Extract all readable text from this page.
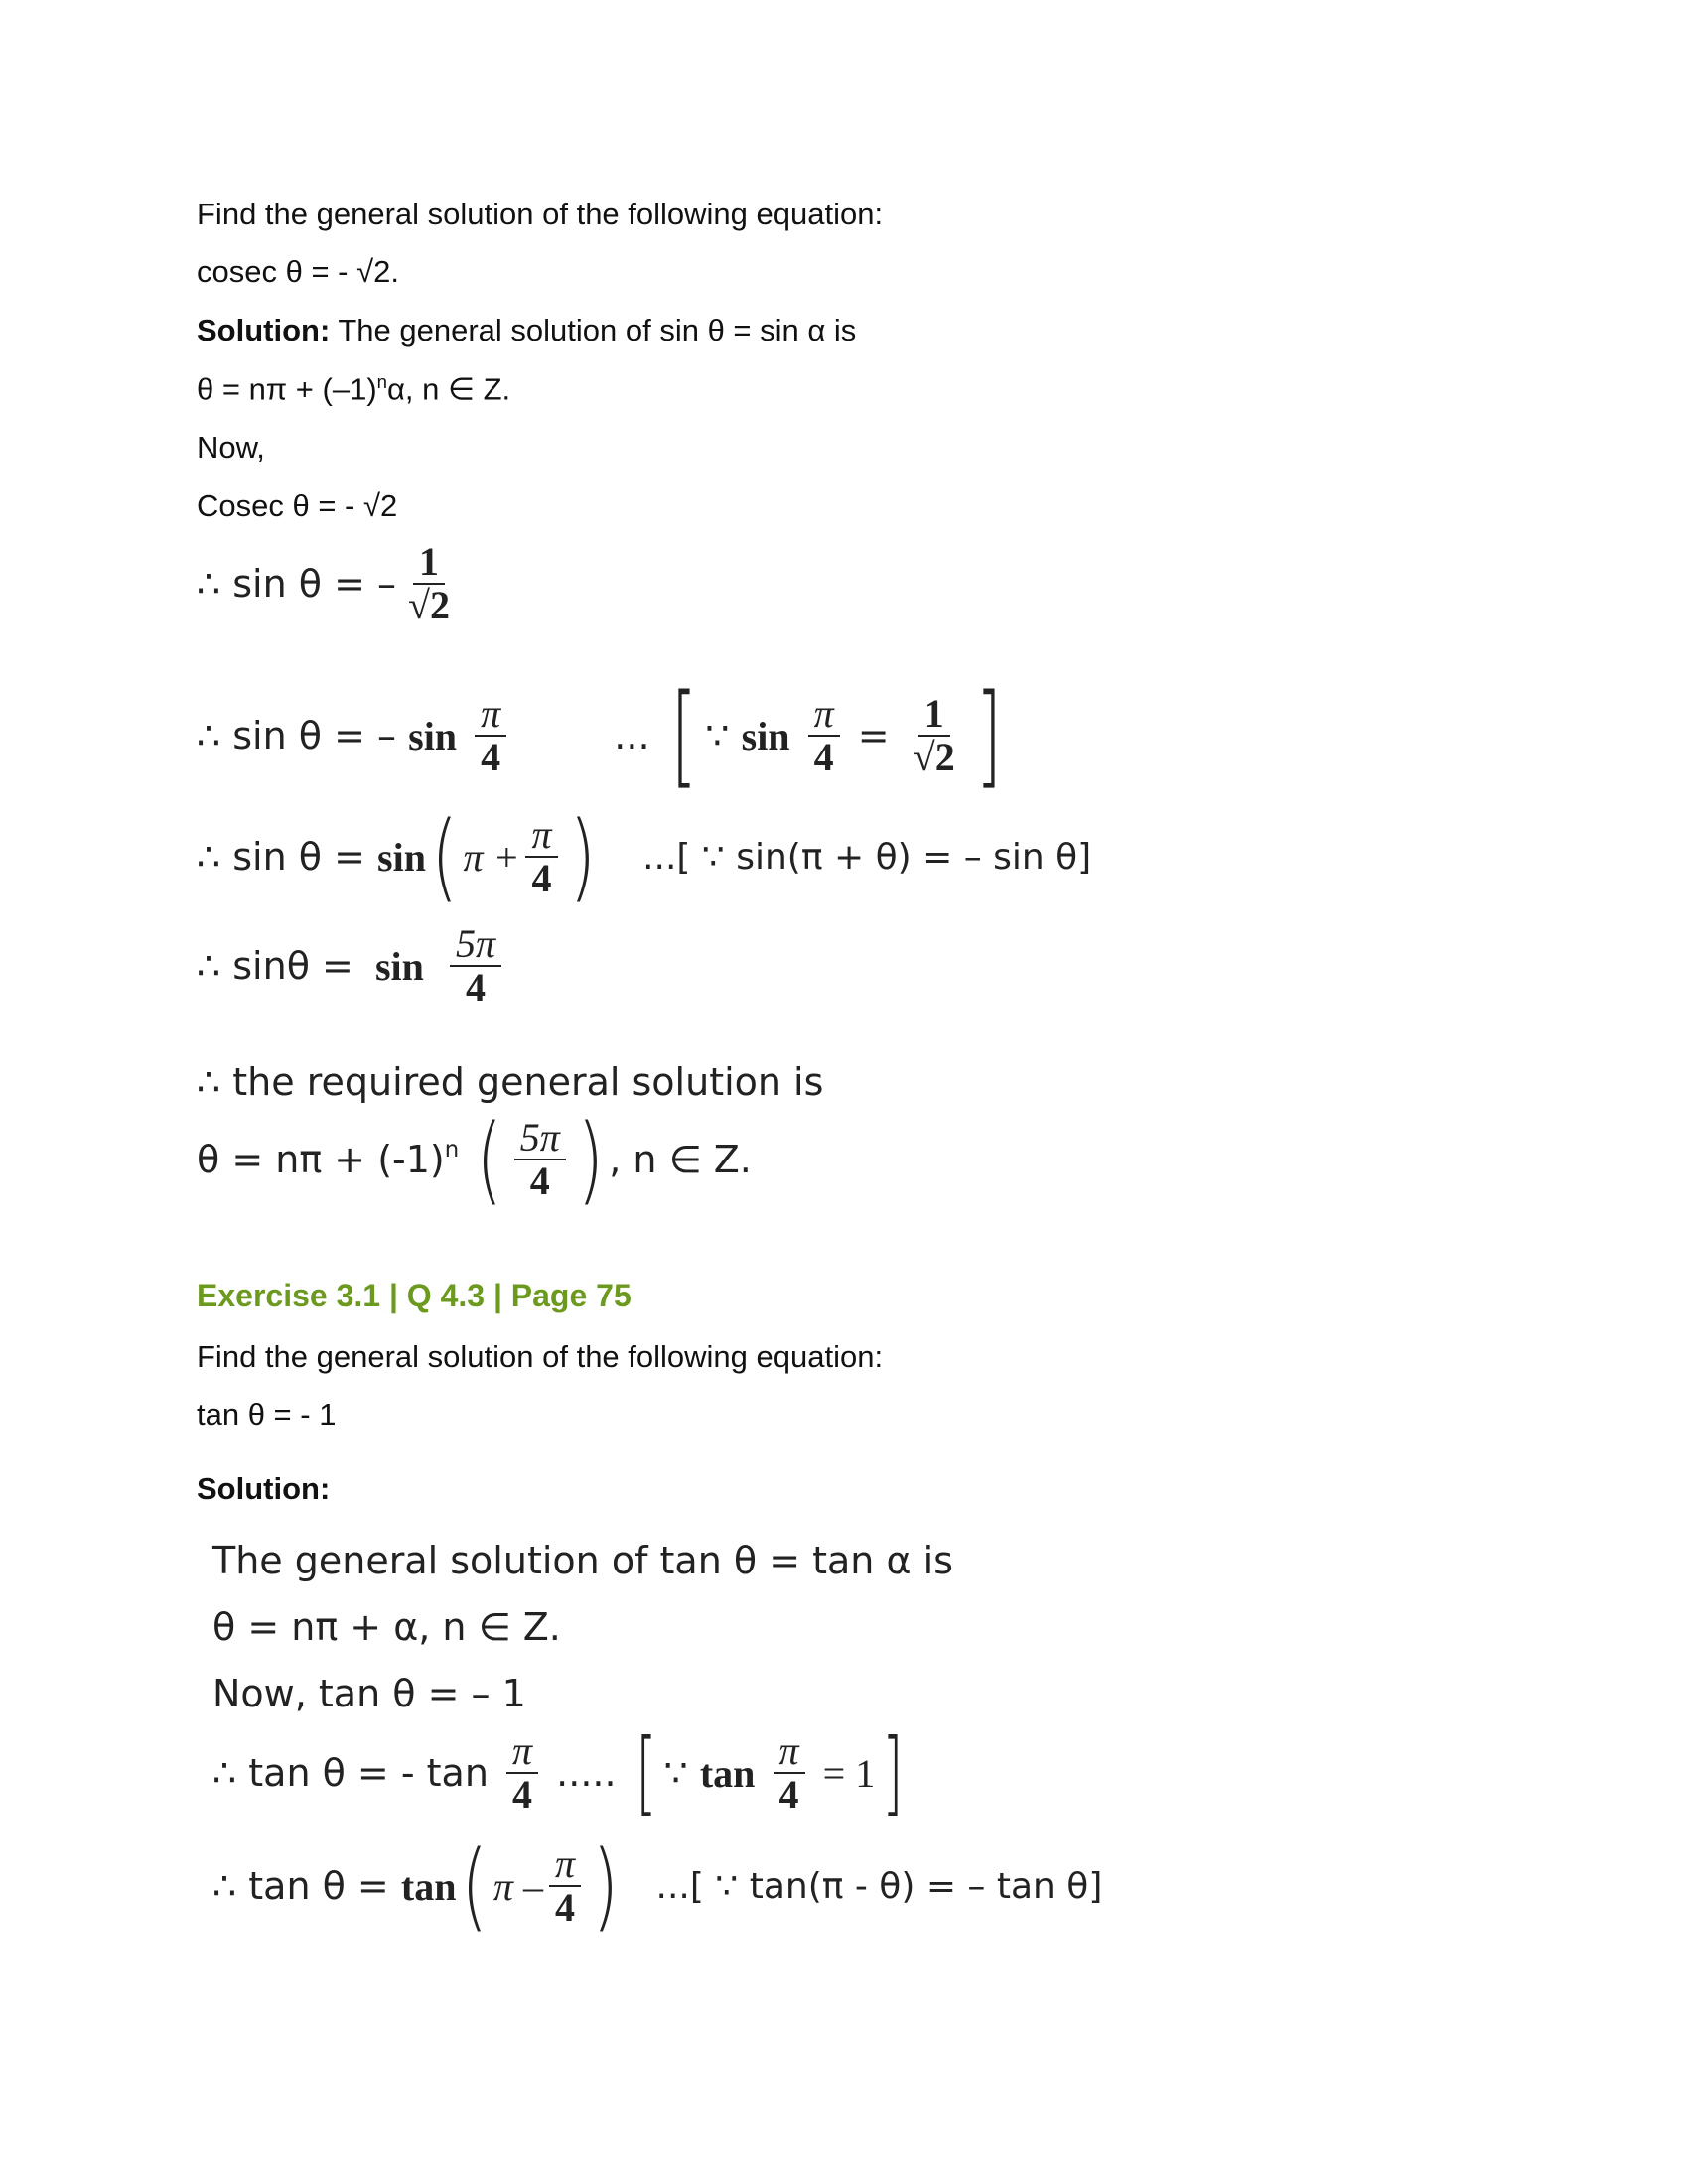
Find the general solution of the following equation:
cosec θ = - √2.
Solution: The general solution of sin θ = sin α is
$\theta = n\pi + (-1)^n\alpha$, n ∈ Z.
Now,
Cosec θ = - √2
∴ sin θ = – $\frac{1}{√2}$
∴ sin θ = – $\sin \frac{\pi}{4}$	... [ ∵ $\sin \frac{\pi}{4} = \frac{1}{√2}$ ]
∴ sin θ = sin( $\pi + \frac{\pi}{4}$ ) ...[ ∵ sin(π + θ) = – sin θ]
∴ $\sin\theta = \sin \frac{5\pi}{4}$
∴ the required general solution is
$\theta = n\pi + (-1)^n$ ( $\frac{5\pi}{4}$ ) , n ∈ Z.
Exercise 3.1 | Q 4.3 | Page 75
Find the general solution of the following equation:
tan θ = - 1
Solution:
The general solution of tan θ = tan α is
θ = nπ + α, n ∈ Z.
Now, tan θ = – 1
∴ tan θ = - $\tan \frac{\pi}{4}$ ..... [ ∵ $\tan \frac{\pi}{4} = 1$]
∴ tan θ = tan( π – $\frac{\pi}{4}$ ) ...[ ∵ tan(π - θ) = – tan θ]
